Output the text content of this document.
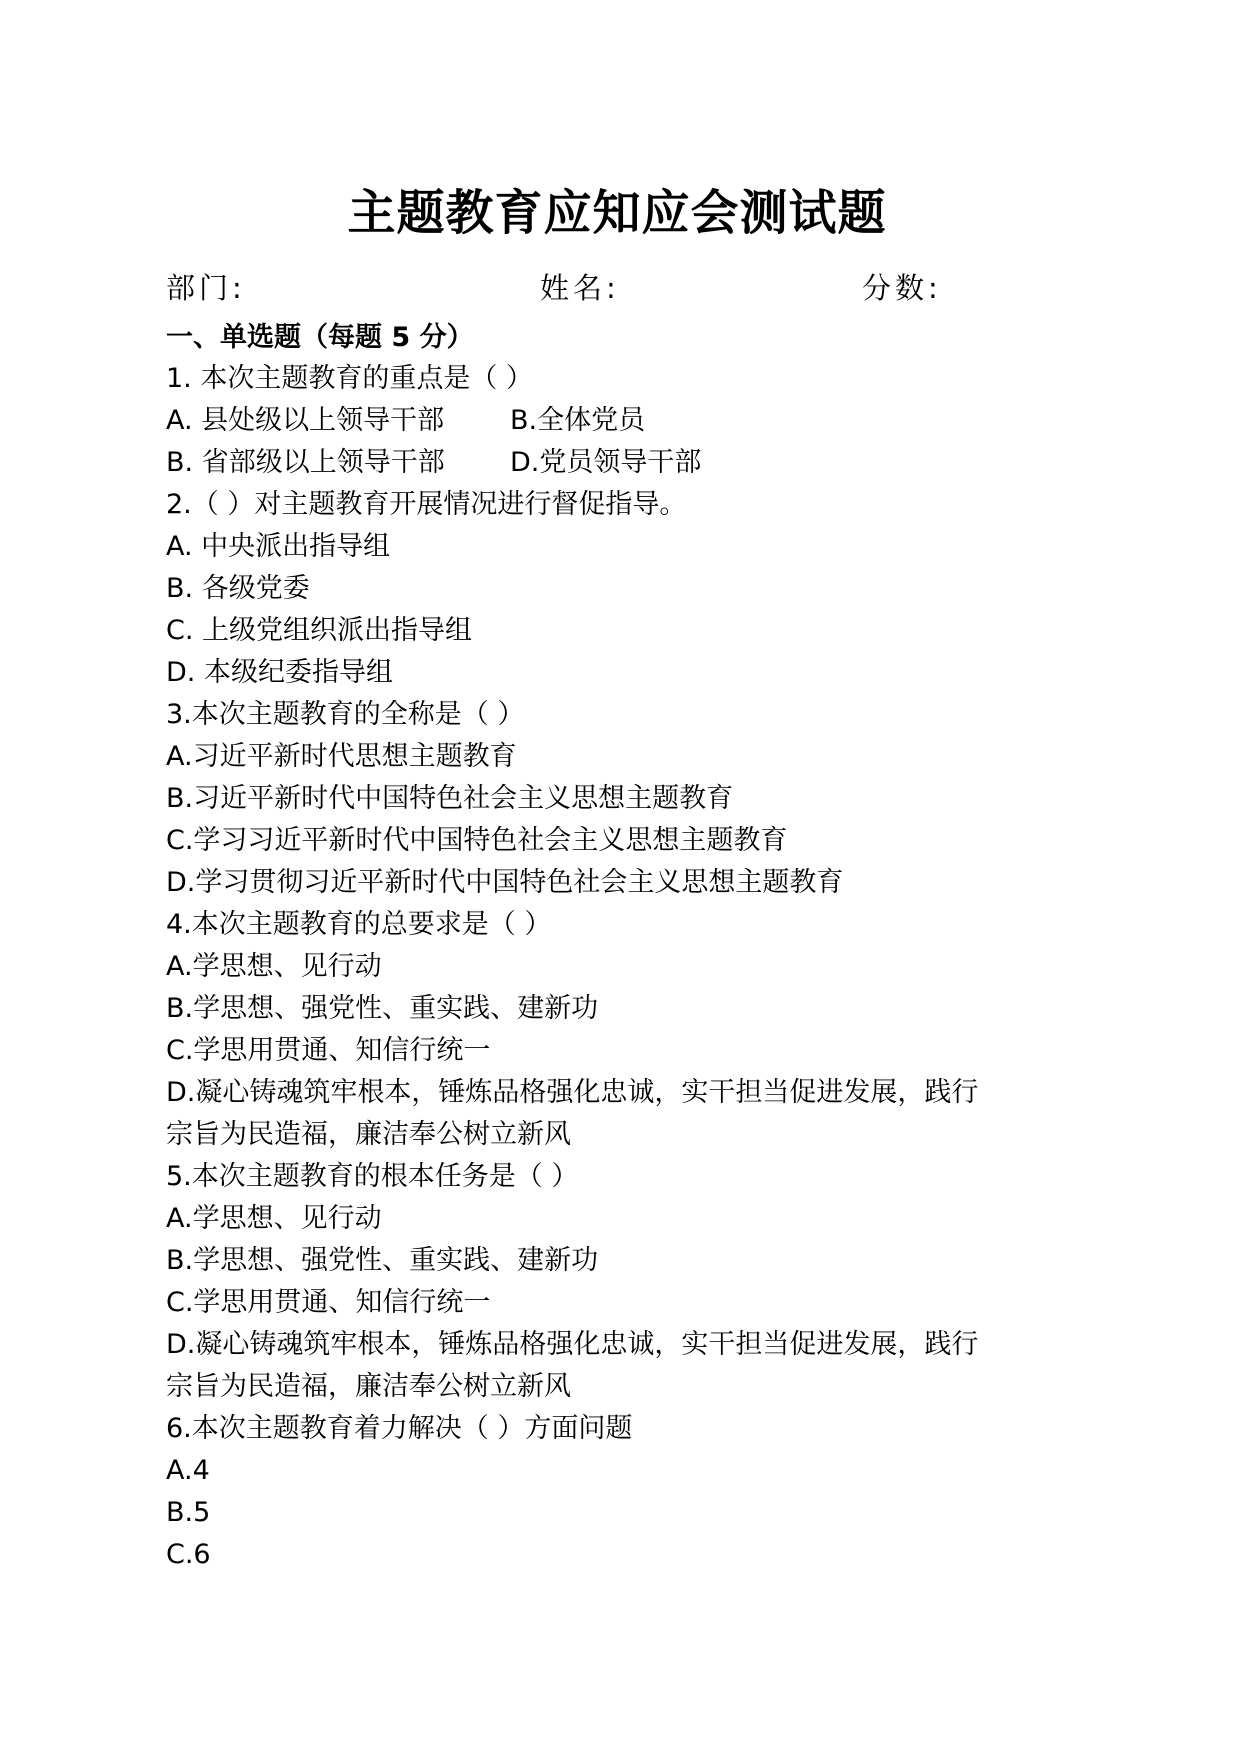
主题教育应知应会测试题
部门:	姓名:	分数:
一、单选题（每题 5 分）
1. 本次主题教育的重点是（ ）
A. 县处级以上领导干部	B.全体党员
B. 省部级以上领导干部	D.党员领导干部
2.（ ）对主题教育开展情况进行督促指导。
A. 中央派出指导组
B. 各级党委
C. 上级党组织派出指导组
D. 本级纪委指导组
3.本次主题教育的全称是（ ）
A.习近平新时代思想主题教育
B.习近平新时代中国特色社会主义思想主题教育
C.学习习近平新时代中国特色社会主义思想主题教育
D.学习贯彻习近平新时代中国特色社会主义思想主题教育
4.本次主题教育的总要求是（ ）
A.学思想、见行动
B.学思想、强党性、重实践、建新功
C.学思用贯通、知信行统一
D.凝心铸魂筑牢根本，锤炼品格强化忠诚，实干担当促进发展，践行
宗旨为民造福，廉洁奉公树立新风
5.本次主题教育的根本任务是（ ）
A.学思想、见行动
B.学思想、强党性、重实践、建新功
C.学思用贯通、知信行统一
D.凝心铸魂筑牢根本，锤炼品格强化忠诚，实干担当促进发展，践行
宗旨为民造福，廉洁奉公树立新风
6.本次主题教育着力解决（ ）方面问题
A.4
B.5
C.6
